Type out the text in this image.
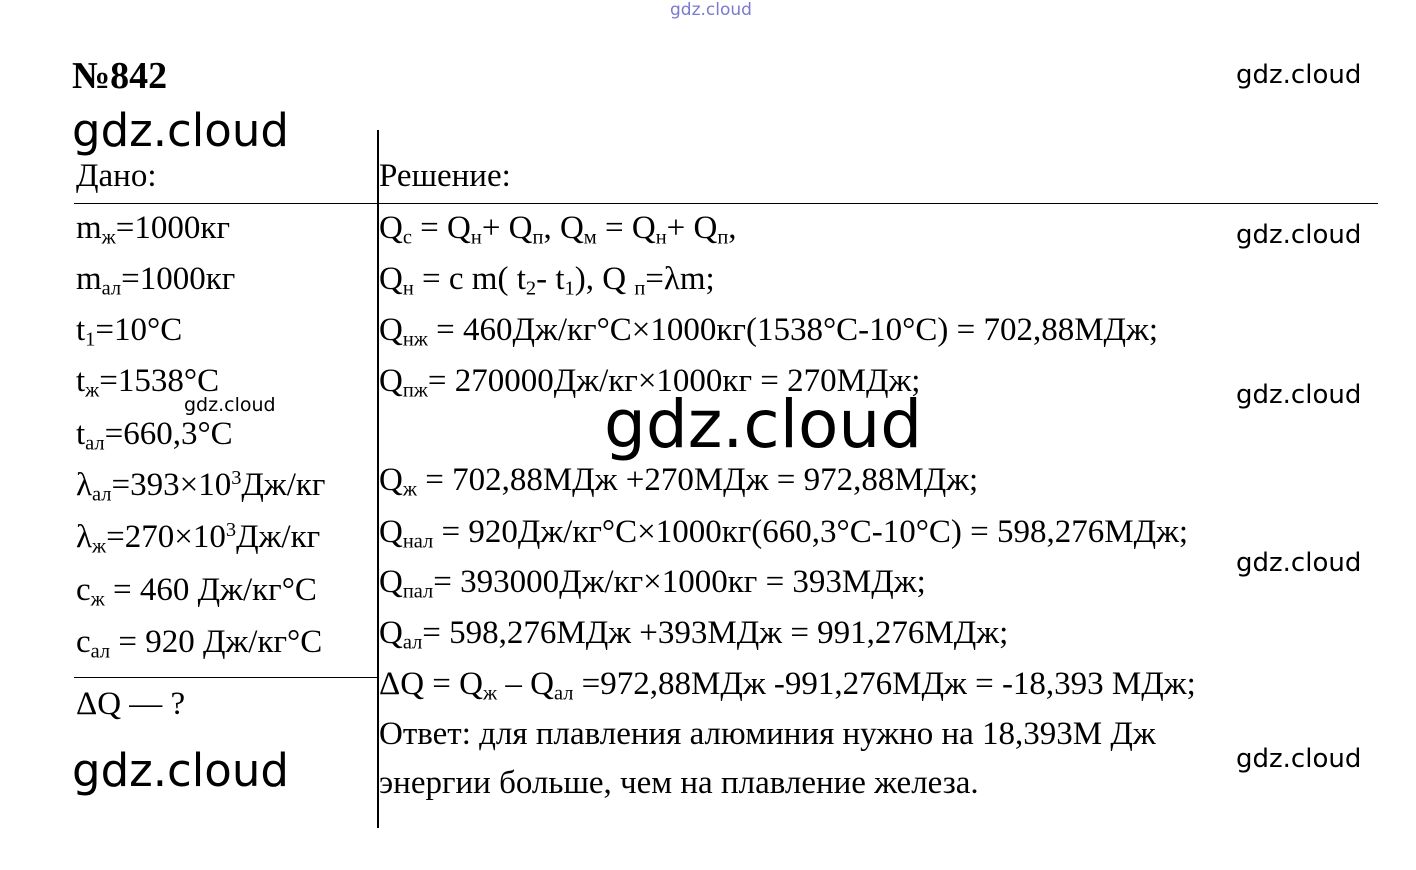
gdz.cloud
№842
gdz.cloud
gdz.cloud
gdz.cloud
gdz.cloud
gdz.cloud
gdz.cloud
gdz.cloud
gdz.cloud	gdz.cloud
Дано:
$m_ж=1000кг$
$m_{ал}=1000кг$
$t_1=10^\circ С$
$t_ж=1538^\circ С$
$t_{ал}=660,3^\circ С$
$\lambda_{ал}=393\times 10^3Дж/кг$
$\lambda_ж=270\times 10^3Дж/кг$
$с_ж = 460$ Дж/кг°С
$с_{ал} = 920$ Дж/кг°С
ΔQ — ?
Решение:
$Q_с = Q_н+ Q_п$, $Q_м = Q_н+ Q_п$,
$Q_н = c$ m( $t_2-$ $t_1$), Q $_п$=λm;
$Q_{нж} = 460Дж/кг^\circ С\times 1000кг(1538^\circ С-10^\circ С) = 702,88МДж$;
$Q_{пж}= 270000Дж/кг\times 1000кг = 270МДж$;
$Q_ж = 702,88МДж +270МДж = 972,88МДж$;
$Q_{нал} = 920Дж/кг^\circ С\times 1000кг(660,3^\circ С-10^\circ С) = 598,276МДж$;
$Q_{пал}= 393000Дж/кг\times 1000кг = 393МДж$;
$Q_{ал}= 598,276МДж +393МДж = 991,276МДж$;
$\Delta Q = Q_ж - Q_{ал} =972,88МДж$ -991,276МДж = -18,393 МДж;
Ответ: для плавления алюминия нужно на 18,393М Дж
энергии больше, чем на плавление железа.
